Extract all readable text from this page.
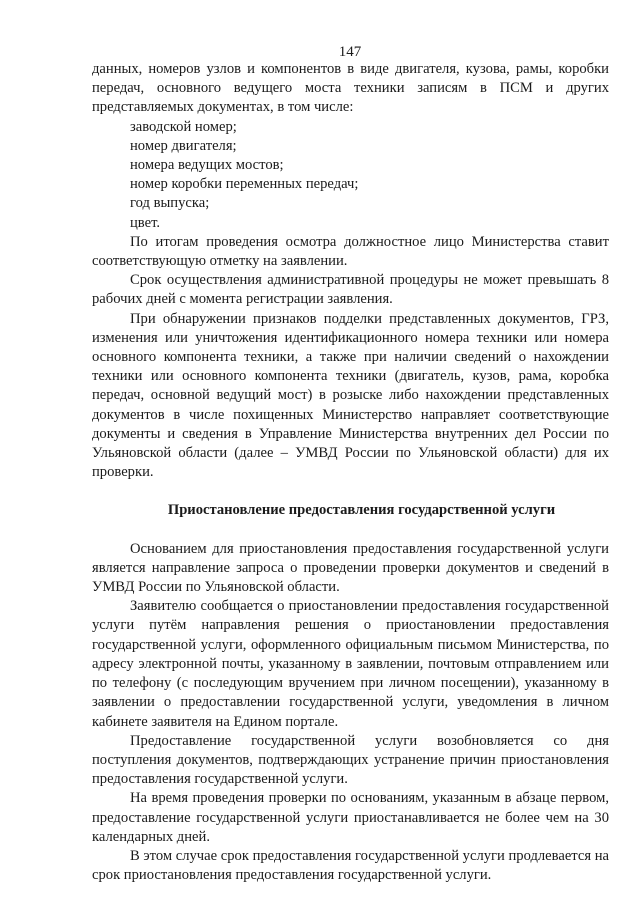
147

данных, номеров узлов и компонентов в виде двигателя, кузова, рамы, коробки передач, основного ведущего моста техники записям в ПСМ и других представляемых документах, в том числе:

заводской номер;
номер двигателя;
номера ведущих мостов;
номер коробки переменных передач;
год выпуска;
цвет.

По итогам проведения осмотра должностное лицо Министерства ставит соответствующую отметку на заявлении.

Срок осуществления административной процедуры не может превышать 8 рабочих дней с момента регистрации заявления.

При обнаружении признаков подделки представленных документов, ГРЗ, изменения или уничтожения идентификационного номера техники или номера основного компонента техники, а также при наличии сведений о нахождении техники или основного компонента техники (двигатель, кузов, рама, коробка передач, основной ведущий мост) в розыске либо нахождении представленных документов в числе похищенных Министерство направляет соответствующие документы и сведения в Управление Министерства внутренних дел России по Ульяновской области (далее – УМВД России по Ульяновской области) для их проверки.

Приостановление предоставления государственной услуги

Основанием для приостановления предоставления государственной услуги является направление запроса о проведении проверки документов и сведений в УМВД России по Ульяновской области.

Заявителю сообщается о приостановлении предоставления государственной услуги путём направления решения о приостановлении предоставления государственной услуги, оформленного официальным письмом Министерства, по адресу электронной почты, указанному в заявлении, почтовым отправлением или по телефону (с последующим вручением при личном посещении), указанному в заявлении о предоставлении государственной услуги, уведомления в личном кабинете заявителя на Едином портале.

Предоставление государственной услуги возобновляется со дня поступления документов, подтверждающих устранение причин приостановления предоставления государственной услуги.

На время проведения проверки по основаниям, указанным в абзаце первом, предоставление государственной услуги приостанавливается не более чем на 30 календарных дней.

В этом случае срок предоставления государственной услуги продлевается на срок приостановления предоставления государственной услуги.
